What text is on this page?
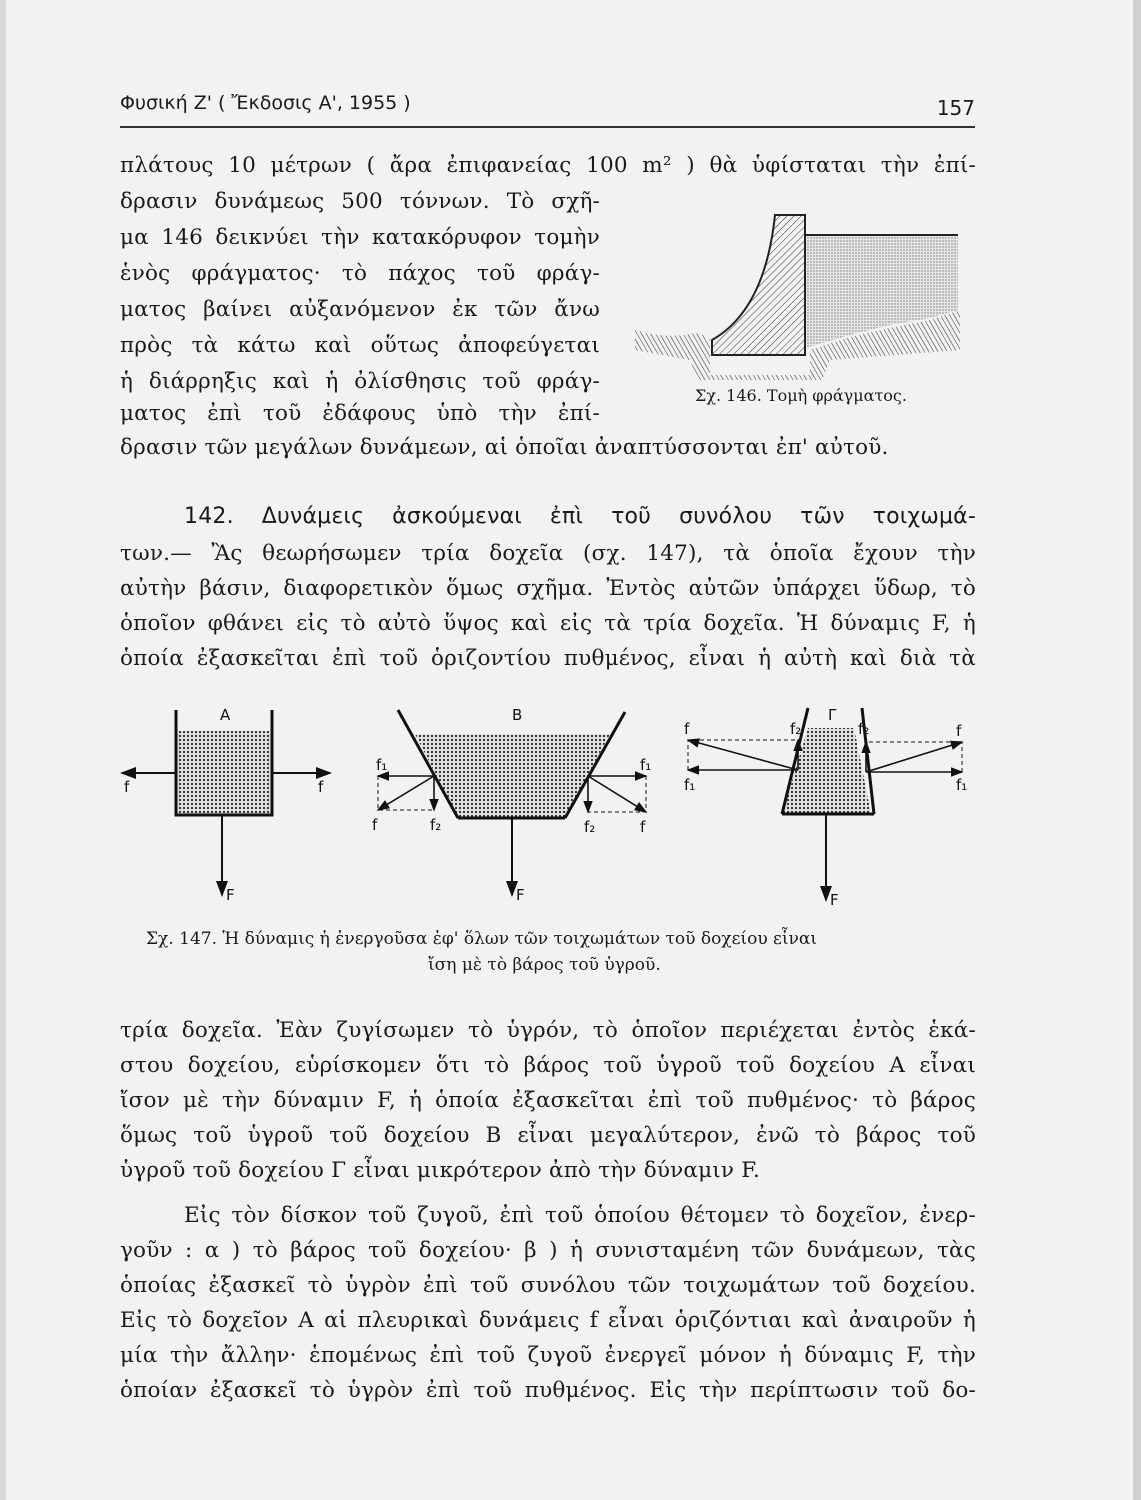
Φυσική Ζ' ( Ἔκδοσις Α', 1955 )	157
πλάτους 10 μέτρων ( ἄρα ἐπιφανείας 100 m² ) θὰ ὑφίσταται τὴν ἐπί-
δρασιν δυνάμεως 500 τόννων. Τὸ σχῆ-
μα 146 δεικνύει τὴν κατακόρυφον τομὴν
ἑνὸς φράγματος· τὸ πάχος τοῦ φράγ-
ματος βαίνει αὐξανόμενον ἐκ τῶν ἄνω
πρὸς τὰ κάτω καὶ οὕτως ἀποφεύγεται
ἡ διάρρηξις καὶ ἡ ὀλίσθησις τοῦ φράγ-
ματος ἐπὶ τοῦ ἐδάφους ὑπὸ τὴν ἐπί-
δρασιν τῶν μεγάλων δυνάμεων, αἱ ὁποῖαι ἀναπτύσσονται ἐπ' αὐτοῦ.
Σχ. 146. Τομὴ φράγματος.
142. Δυνάμεις ἀσκούμεναι ἐπὶ τοῦ συνόλου τῶν τοιχωμά-
των.— Ἂς θεωρήσωμεν τρία δοχεῖα (σχ. 147), τὰ ὁποῖα ἔχουν τὴν
αὐτὴν βάσιν, διαφορετικὸν ὅμως σχῆμα. Ἐντὸς αὐτῶν ὑπάρχει ὕδωρ, τὸ
ὁποῖον φθάνει εἰς τὸ αὐτὸ ὕψος καὶ εἰς τὰ τρία δοχεῖα. Ἡ δύναμις F, ἡ
ὁποία ἐξασκεῖται ἐπὶ τοῦ ὁριζοντίου πυθμένος, εἶναι ἡ αὐτὴ καὶ διὰ τὰ
Α
f	f
F
Β
f₁
f	f₂
f₁
f₂	f
F
Γ
f	f₂
f₁
f₂	f
f₁
F
Σχ. 147. Ἡ δύναμις ἡ ἐνεργοῦσα ἐφ' ὅλων τῶν τοιχωμάτων τοῦ δοχείου εἶναι
ἴση μὲ τὸ βάρος τοῦ ὑγροῦ.
τρία δοχεῖα. Ἐὰν ζυγίσωμεν τὸ ὑγρόν, τὸ ὁποῖον περιέχεται ἐντὸς ἑκά-
στου δοχείου, εὑρίσκομεν ὅτι τὸ βάρος τοῦ ὑγροῦ τοῦ δοχείου Α εἶναι
ἴσον μὲ τὴν δύναμιν F, ἡ ὁποία ἐξασκεῖται ἐπὶ τοῦ πυθμένος· τὸ βάρος
ὅμως τοῦ ὑγροῦ τοῦ δοχείου Β εἶναι μεγαλύτερον, ἐνῶ τὸ βάρος τοῦ
ὑγροῦ τοῦ δοχείου Γ εἶναι μικρότερον ἀπὸ τὴν δύναμιν F.
Εἰς τὸν δίσκον τοῦ ζυγοῦ, ἐπὶ τοῦ ὁποίου θέτομεν τὸ δοχεῖον, ἐνερ-
γοῦν : α ) τὸ βάρος τοῦ δοχείου· β ) ἡ συνισταμένη τῶν δυνάμεων, τὰς
ὁποίας ἐξασκεῖ τὸ ὑγρὸν ἐπὶ τοῦ συνόλου τῶν τοιχωμάτων τοῦ δοχείου.
Εἰς τὸ δοχεῖον Α αἱ πλευρικαὶ δυνάμεις f εἶναι ὁριζόντιαι καὶ ἀναιροῦν ἡ
μία τὴν ἄλλην· ἑπομένως ἐπὶ τοῦ ζυγοῦ ἐνεργεῖ μόνον ἡ δύναμις F, τὴν
ὁποίαν ἐξασκεῖ τὸ ὑγρὸν ἐπὶ τοῦ πυθμένος. Εἰς τὴν περίπτωσιν τοῦ δο-
